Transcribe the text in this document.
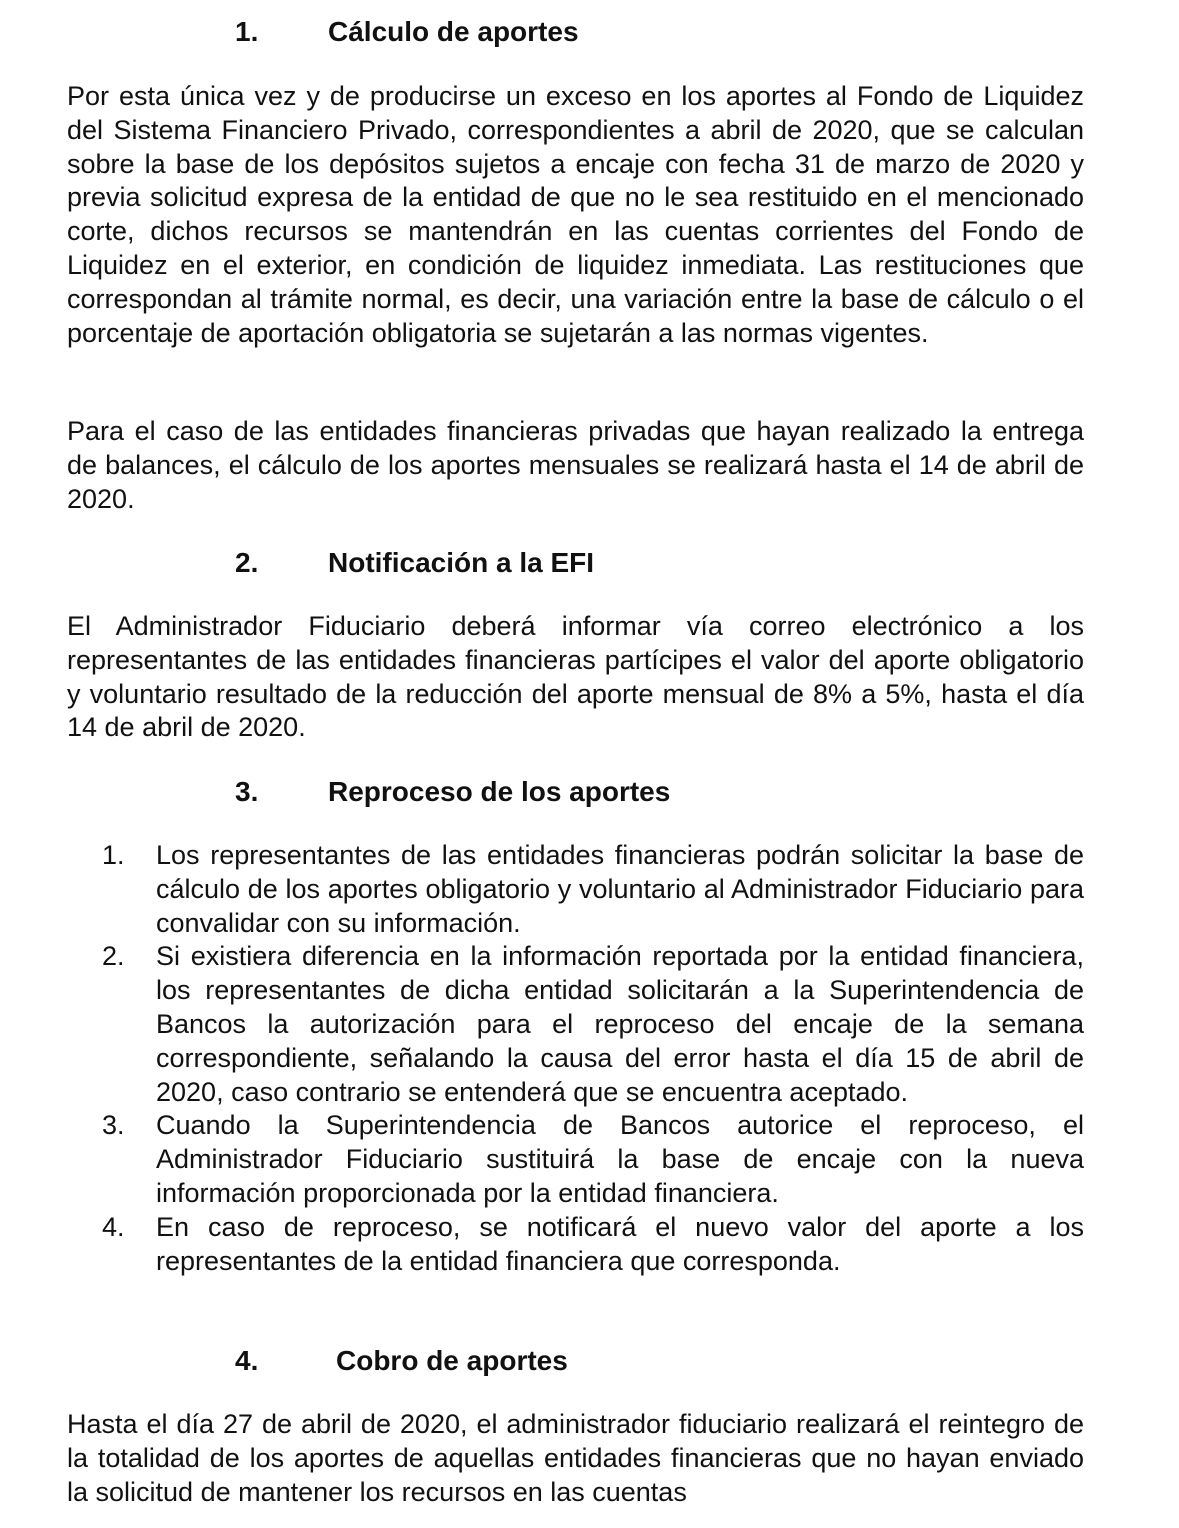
1. Cálculo de aportes

Por esta única vez y de producirse un exceso en los aportes al Fondo de Liquidez del Sistema Financiero Privado, correspondientes a abril de 2020, que se calculan sobre la base de los depósitos sujetos a encaje con fecha 31 de marzo de 2020 y previa solicitud expresa de la entidad de que no le sea restituido en el mencionado corte, dichos recursos se mantendrán en las cuentas corrientes del Fondo de Liquidez en el exterior, en condición de liquidez inmediata. Las restituciones que correspondan al trámite normal, es decir, una variación entre la base de cálculo o el porcentaje de aportación obligatoria se sujetarán a las normas vigentes.

Para el caso de las entidades financieras privadas que hayan realizado la entrega de balances, el cálculo de los aportes mensuales se realizará hasta el 14 de abril de 2020.

2. Notificación a la EFI

El Administrador Fiduciario deberá informar vía correo electrónico a los representantes de las entidades financieras partícipes el valor del aporte obligatorio y voluntario resultado de la reducción del aporte mensual de 8% a 5%, hasta el día 14 de abril de 2020.

3. Reproceso de los aportes
1. Los representantes de las entidades financieras podrán solicitar la base de cálculo de los aportes obligatorio y voluntario al Administrador Fiduciario para convalidar con su información.
2. Si existiera diferencia en la información reportada por la entidad financiera, los representantes de dicha entidad solicitarán a la Superintendencia de Bancos la autorización para el reproceso del encaje de la semana correspondiente, señalando la causa del error hasta el día 15 de abril de 2020, caso contrario se entenderá que se encuentra aceptado.
3. Cuando la Superintendencia de Bancos autorice el reproceso, el Administrador Fiduciario sustituirá la base de encaje con la nueva información proporcionada por la entidad financiera.
4. En caso de reproceso, se notificará el nuevo valor del aporte a los representantes de la entidad financiera que corresponda.
4.	Cobro de aportes

Hasta el día 27 de abril de 2020, el administrador fiduciario realizará el reintegro de la totalidad de los aportes de aquellas entidades financieras que no hayan enviado la solicitud de mantener los recursos en las cuentas
